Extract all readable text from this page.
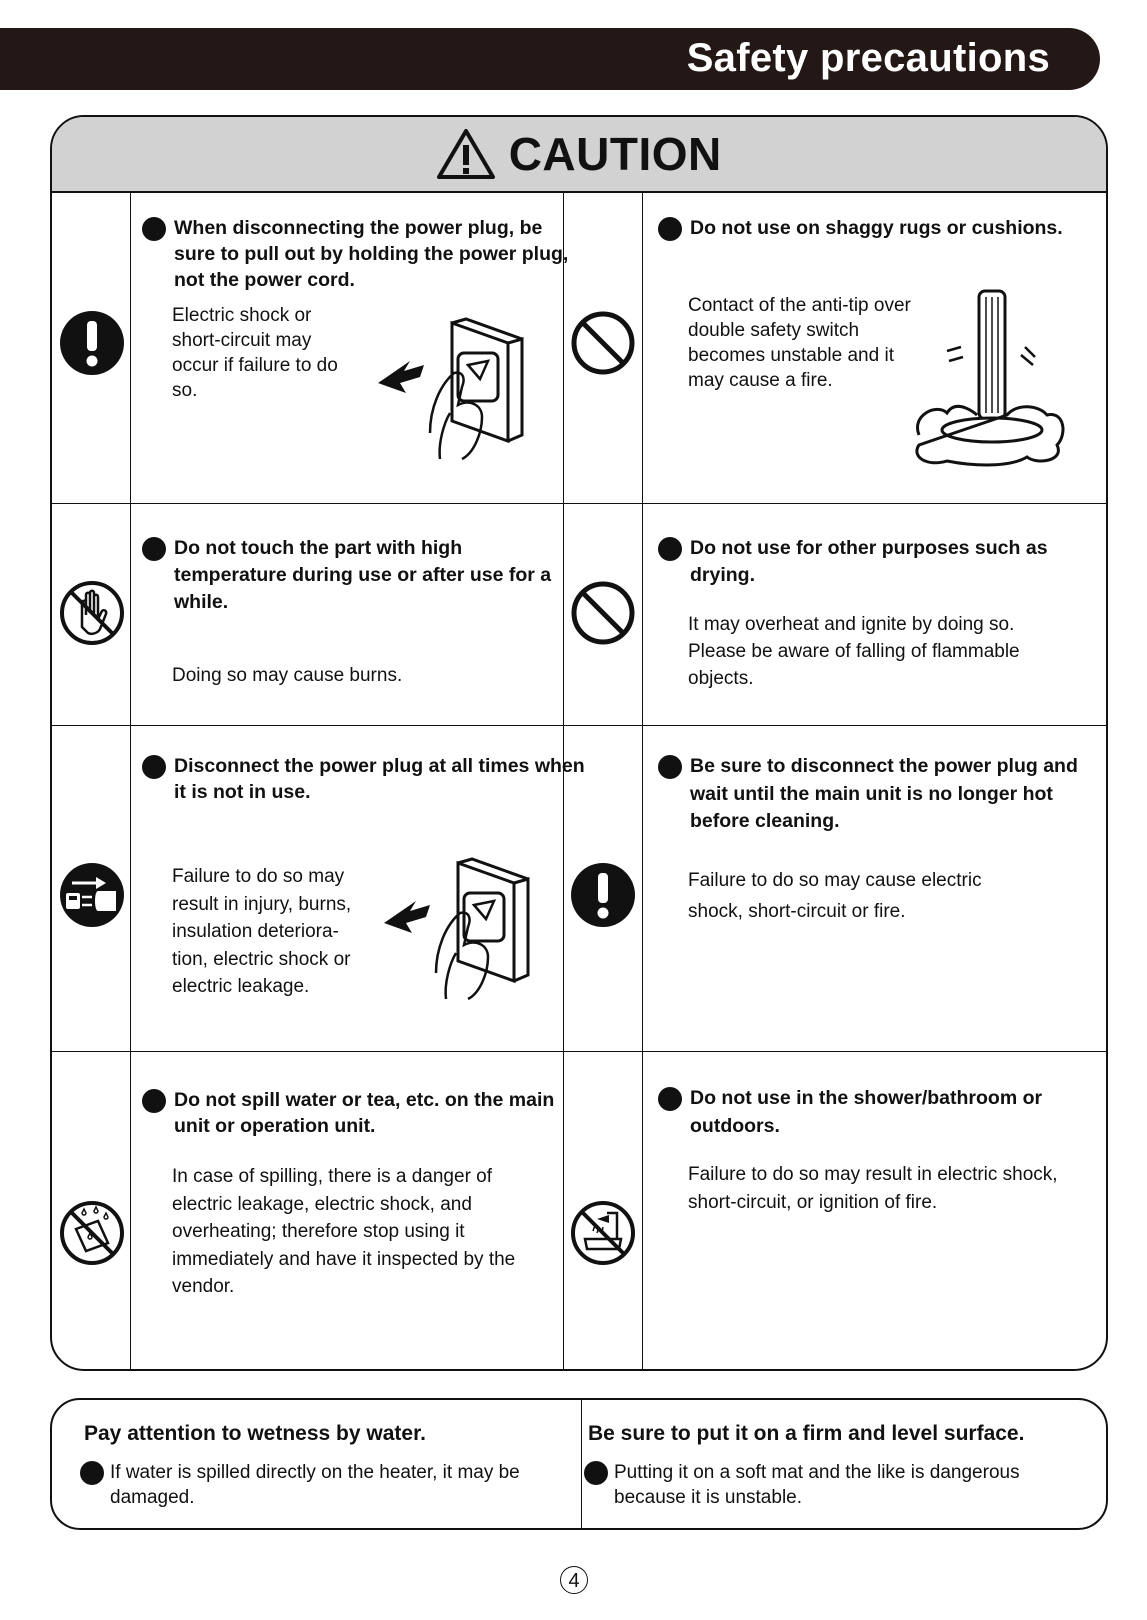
Safety precautions
CAUTION
When disconnecting the power plug, be sure to pull out by holding the power plug, not the power cord.
Electric shock or short-circuit may occur if failure to do so.
Do not use on shaggy rugs or cushions.
Contact of the anti-tip over double safety switch becomes unstable and it may cause a fire.
Do not touch the part with high temperature during use or after use for a while.
Doing so may cause burns.
Do not use for other purposes such as drying.
It may overheat and ignite by doing so. Please be aware of falling of flammable objects.
Disconnect the power plug at all times when it is not in use.
Failure to do so may result in injury, burns, insulation deteriora- tion, electric shock or electric leakage.
Be sure to disconnect the power plug and wait until the main unit is no longer hot before cleaning.
Failure to do so may cause electric shock, short-circuit or fire.
Do not spill water or tea, etc. on the main unit or operation unit.
In case of spilling, there is a danger of electric leakage, electric shock, and overheating; therefore stop using it immediately and have it inspected by the vendor.
Do not use in the shower/bathroom or outdoors.
Failure to do so may result in electric shock, short-circuit, or ignition of fire.
Pay attention to wetness by water.
If water is spilled directly on the heater, it may be damaged.
Be sure to put it on a firm and level surface.
Putting it on a soft mat and the like is dangerous because it is unstable.
4
